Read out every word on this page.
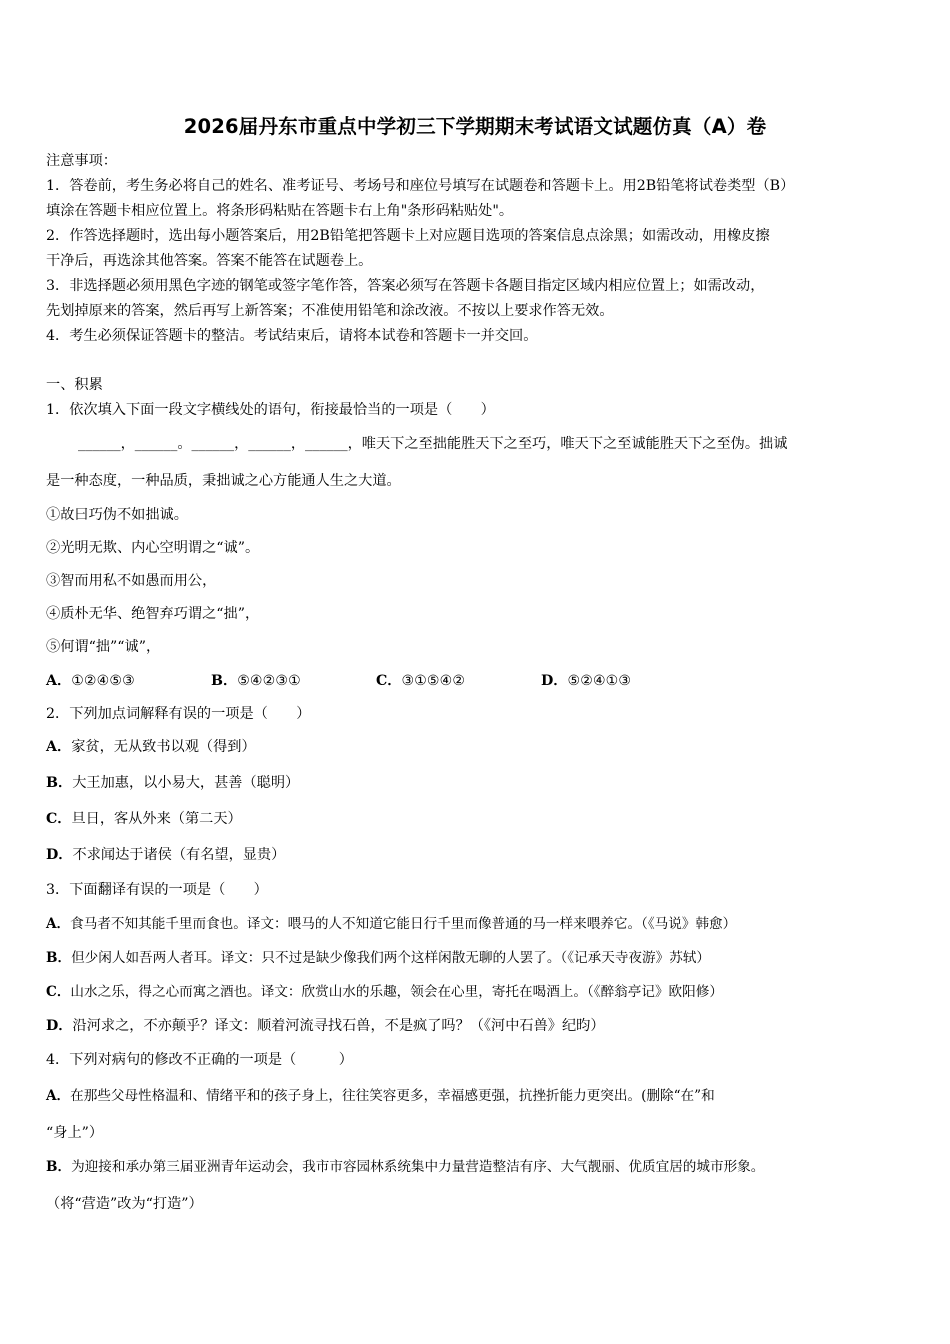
2026届丹东市重点中学初三下学期期末考试语文试题仿真（A）卷
注意事项：
1．答卷前，考生务必将自己的姓名、准考证号、考场号和座位号填写在试题卷和答题卡上。用2B铅笔将试卷类型（B）
填涂在答题卡相应位置上。将条形码粘贴在答题卡右上角"条形码粘贴处"。
2．作答选择题时，选出每小题答案后，用2B铅笔把答题卡上对应题目选项的答案信息点涂黑；如需改动，用橡皮擦
干净后，再选涂其他答案。答案不能答在试题卷上。
3．非选择题必须用黑色字迹的钢笔或签字笔作答，答案必须写在答题卡各题目指定区域内相应位置上；如需改动，
先划掉原来的答案，然后再写上新答案；不准使用铅笔和涂改液。不按以上要求作答无效。
4．考生必须保证答题卡的整洁。考试结束后，请将本试卷和答题卡一并交回。
一、积累
1．依次填入下面一段文字横线处的语句，衔接最恰当的一项是（　　）
______，______。______，______，______，唯天下之至拙能胜天下之至巧，唯天下之至诚能胜天下之至伪。拙诚
是一种态度，一种品质，秉拙诚之心方能通人生之大道。
①故曰巧伪不如拙诚。
②光明无欺、内心空明谓之“诚”。
③智而用私不如愚而用公，
④质朴无华、绝智弃巧谓之“拙”，
⑤何谓“拙”“诚”，
A．①②④⑤③	B．⑤④②③①	C．③①⑤④②	D．⑤②④①③
2．下列加点词解释有误的一项是（　　）
A．家贫，无从致书以观（得到）
B．大王加惠，以小易大，甚善（聪明）
C．旦日，客从外来（第二天）
D．不求闻达于诸侯（有名望，显贵）
3．下面翻译有误的一项是（　　）
A．食马者不知其能千里而食也。译文：喂马的人不知道它能日行千里而像普通的马一样来喂养它。（《马说》韩愈）
B．但少闲人如吾两人者耳。译文：只不过是缺少像我们两个这样闲散无聊的人罢了。（《记承天寺夜游》苏轼）
C．山水之乐，得之心而寓之酒也。译文：欣赏山水的乐趣，领会在心里，寄托在喝酒上。（《醉翁亭记》欧阳修）
D．沿河求之，不亦颠乎？译文：顺着河流寻找石兽，不是疯了吗？（《河中石兽》纪昀）
4．下列对病句的修改不正确的一项是（　　　）
A．在那些父母性格温和、情绪平和的孩子身上，往往笑容更多，幸福感更强，抗挫折能力更突出。(删除“在”和
“身上”）
B．为迎接和承办第三届亚洲青年运动会，我市市容园林系统集中力量营造整洁有序、大气靓丽、优质宜居的城市形象。
（将“营造”改为“打造”）
